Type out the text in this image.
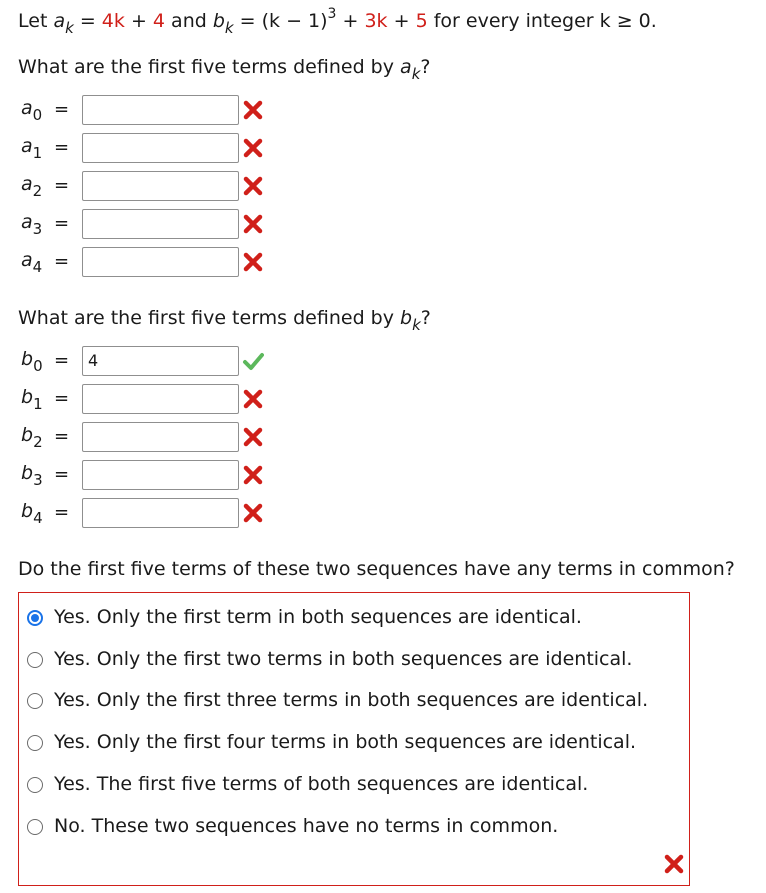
Let $a_k = 4k + 4$ and $b_k = (k - 1)^3 + 3k + 5$ for every integer k ≥ 0.
What are the first five terms defined by $a_k$?
$a_0$ =
$a_1$ =
$a_2$ =
$a_3$ =
$a_4$ =
What are the first five terms defined by $b_k$?
$b_0$ =	4
$b_1$ =
$b_2$ =
$b_3$ =
$b_4$ =
Do the first five terms of these two sequences have any terms in common?
Yes. Only the first term in both sequences are identical.
Yes. Only the first two terms in both sequences are identical.
Yes. Only the first three terms in both sequences are identical.
Yes. Only the first four terms in both sequences are identical.
Yes. The first five terms of both sequences are identical.
No. These two sequences have no terms in common.
